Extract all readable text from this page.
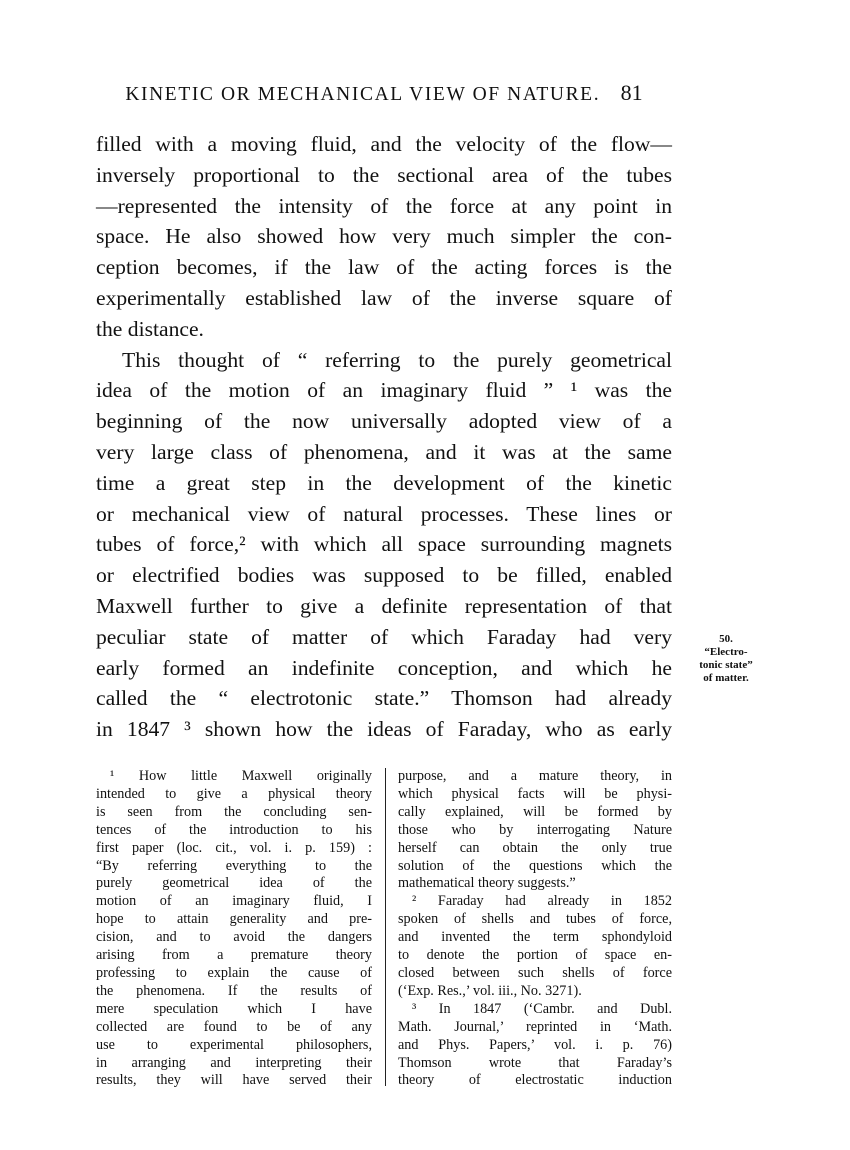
KINETIC OR MECHANICAL VIEW OF NATURE. 81
filled with a moving fluid, and the velocity of the flow—
inversely proportional to the sectional area of the tubes
—represented the intensity of the force at any point in
space. He also showed how very much simpler the con-
ception becomes, if the law of the acting forces is the
experimentally established law of the inverse square of
the distance.
This thought of “ referring to the purely geometrical
idea of the motion of an imaginary fluid ” ¹ was the
beginning of the now universally adopted view of a
very large class of phenomena, and it was at the same
time a great step in the development of the kinetic
or mechanical view of natural processes. These lines or
tubes of force,² with which all space surrounding magnets
or electrified bodies was supposed to be filled, enabled
Maxwell further to give a definite representation of that
peculiar state of matter of which Faraday had very
early formed an indefinite conception, and which he
called the “ electrotonic state.” Thomson had already
in 1847 ³ shown how the ideas of Faraday, who as early
50.
“Electro-
tonic state”
of matter.
¹ How little Maxwell originally
intended to give a physical theory
is seen from the concluding sen-
tences of the introduction to his
first paper (loc. cit., vol. i. p. 159) :
“By referring everything to the
purely geometrical idea of the
motion of an imaginary fluid, I
hope to attain generality and pre-
cision, and to avoid the dangers
arising from a premature theory
professing to explain the cause of
the phenomena. If the results of
mere speculation which I have
collected are found to be of any
use to experimental philosophers,
in arranging and interpreting their
results, they will have served their
purpose, and a mature theory, in
which physical facts will be physi-
cally explained, will be formed by
those who by interrogating Nature
herself can obtain the only true
solution of the questions which the
mathematical theory suggests.”
² Faraday had already in 1852
spoken of shells and tubes of force,
and invented the term sphondyloid
to denote the portion of space en-
closed between such shells of force
(‘Exp. Res.,’ vol. iii., No. 3271).
³ In 1847 (‘Cambr. and Dubl.
Math. Journal,’ reprinted in ‘Math.
and Phys. Papers,’ vol. i. p. 76)
Thomson wrote that Faraday’s
theory of electrostatic induction
